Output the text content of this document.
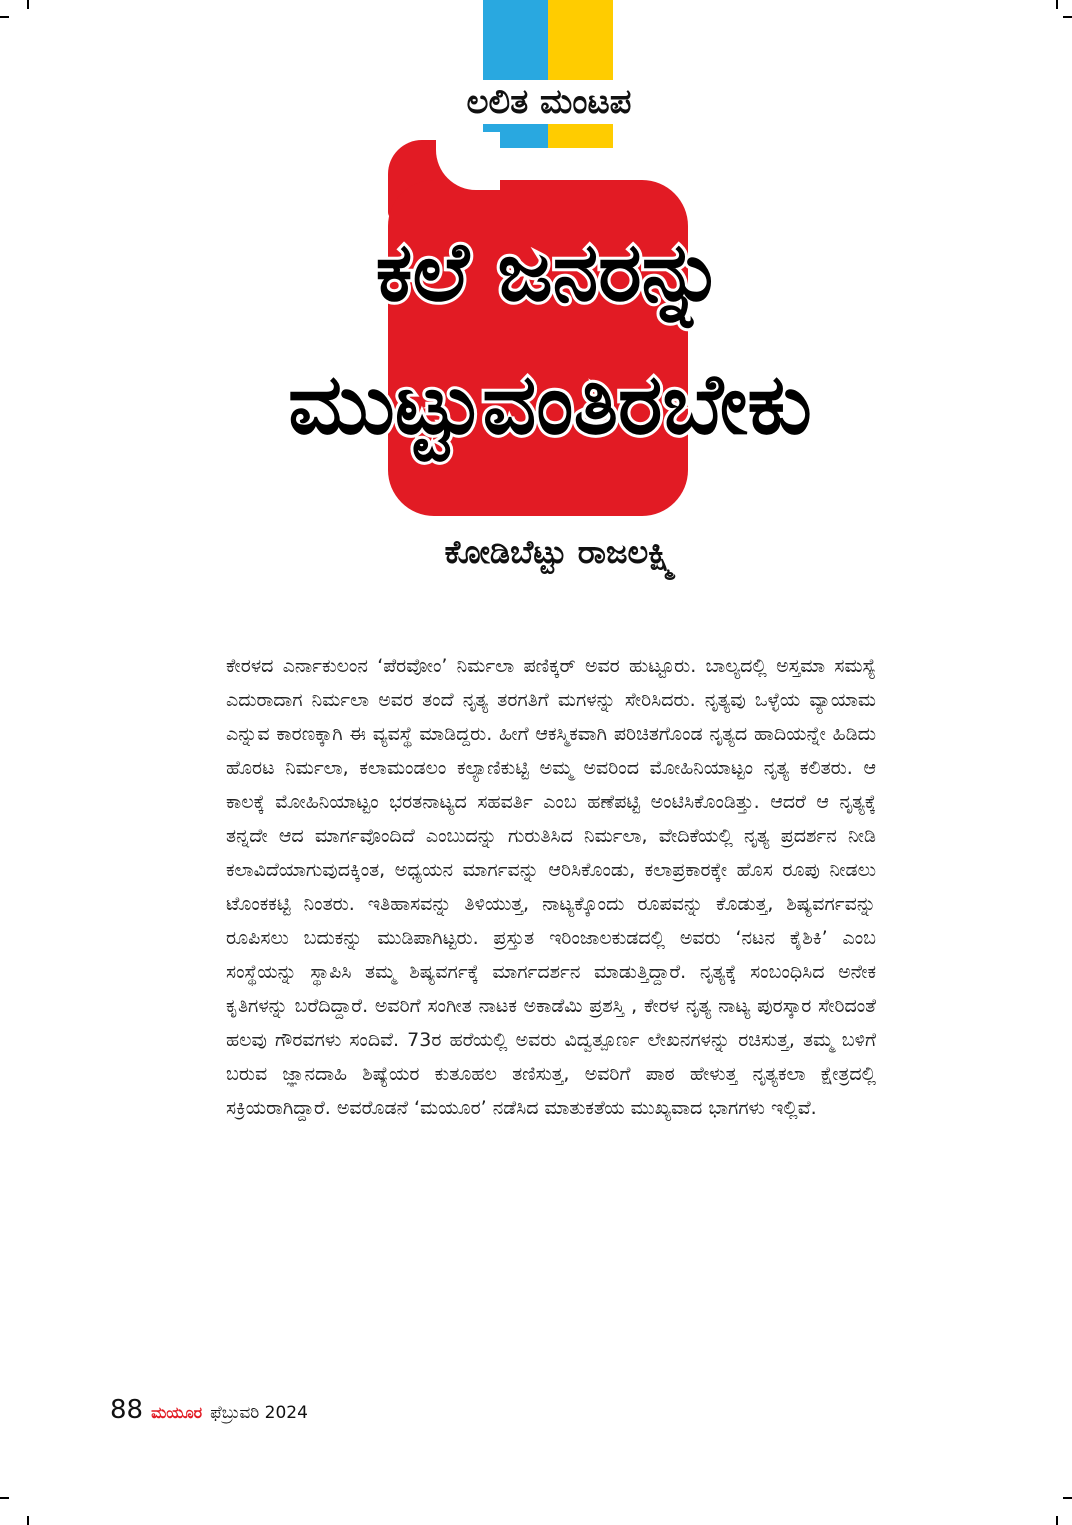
ಲಲಿತ ಮಂಟಪ
ಕಲೆ ಜನರನ್ನು
ಮುಟ್ಟುವಂತಿರಬೇಕು
ಕೋಡಿಬೆಟ್ಟು ರಾಜಲಕ್ಷ್ಮಿ

ಕೇರಳದ ಎರ್ನಾಕುಲಂನ ‘ಪೆರವೋಂ’ ನಿರ್ಮಲಾ ಪಣಿಕ್ಕರ್ ಅವರ ಹುಟ್ಟೂರು. ಬಾಲ್ಯದಲ್ಲಿ ಅಸ್ತಮಾ ಸಮಸ್ಯೆ ಎದುರಾದಾಗ ನಿರ್ಮಲಾ ಅವರ ತಂದೆ ನೃತ್ಯ ತರಗತಿಗೆ ಮಗಳನ್ನು ಸೇರಿಸಿದರು. ನೃತ್ಯವು ಒಳ್ಳೆಯ ವ್ಯಾಯಾಮ ಎನ್ನುವ ಕಾರಣಕ್ಕಾಗಿ ಈ ವ್ಯವಸ್ಥೆ ಮಾಡಿದ್ದರು. ಹೀಗೆ ಆಕಸ್ಮಿಕವಾಗಿ ಪರಿಚಿತಗೊಂಡ ನೃತ್ಯದ ಹಾದಿಯನ್ನೇ ಹಿಡಿದು ಹೊರಟ ನಿರ್ಮಲಾ, ಕಲಾಮಂಡಲಂ ಕಲ್ಯಾಣಿಕುಟ್ಟಿ ಅಮ್ಮ ಅವರಿಂದ ಮೋಹಿನಿಯಾಟ್ಟಂ ನೃತ್ಯ ಕಲಿತರು. ಆ ಕಾಲಕ್ಕೆ ಮೋಹಿನಿಯಾಟ್ಟಂ ಭರತನಾಟ್ಯದ ಸಹವರ್ತಿ ಎಂಬ ಹಣೆಪಟ್ಟಿ ಅಂಟಿಸಿಕೊಂಡಿತ್ತು. ಆದರೆ ಆ ನೃತ್ಯಕ್ಕೆ ತನ್ನದೇ ಆದ ಮಾರ್ಗವೊಂದಿದೆ ಎಂಬುದನ್ನು ಗುರುತಿಸಿದ ನಿರ್ಮಲಾ, ವೇದಿಕೆಯಲ್ಲಿ ನೃತ್ಯ ಪ್ರದರ್ಶನ ನೀಡಿ ಕಲಾವಿದೆಯಾಗುವುದಕ್ಕಿಂತ, ಅಧ್ಯಯನ ಮಾರ್ಗವನ್ನು ಆರಿಸಿಕೊಂಡು, ಕಲಾಪ್ರಕಾರಕ್ಕೇ ಹೊಸ ರೂಪು ನೀಡಲು ಟೊಂಕಕಟ್ಟಿ ನಿಂತರು. ಇತಿಹಾಸವನ್ನು ತಿಳಿಯುತ್ತ, ನಾಟ್ಯಕ್ಕೊಂದು ರೂಪವನ್ನು ಕೊಡುತ್ತ, ಶಿಷ್ಯವರ್ಗವನ್ನು ರೂಪಿಸಲು ಬದುಕನ್ನು ಮುಡಿಪಾಗಿಟ್ಟರು. ಪ್ರಸ್ತುತ ಇರಿಂಜಾಲಕುಡದಲ್ಲಿ ಅವರು ‘ನಟನ ಕೈಶಿಕಿ’ ಎಂಬ ಸಂಸ್ಥೆಯನ್ನು ಸ್ಥಾಪಿಸಿ ತಮ್ಮ ಶಿಷ್ಯವರ್ಗಕ್ಕೆ ಮಾರ್ಗದರ್ಶನ ಮಾಡುತ್ತಿದ್ದಾರೆ. ನೃತ್ಯಕ್ಕೆ ಸಂಬಂಧಿಸಿದ ಅನೇಕ ಕೃತಿಗಳನ್ನು ಬರೆದಿದ್ದಾರೆ. ಅವರಿಗೆ ಸಂಗೀತ ನಾಟಕ ಅಕಾಡೆಮಿ ಪ್ರಶಸ್ತಿ , ಕೇರಳ ನೃತ್ಯ ನಾಟ್ಯ ಪುರಸ್ಕಾರ ಸೇರಿದಂತೆ ಹಲವು ಗೌರವಗಳು ಸಂದಿವೆ. 73ರ ಹರೆಯಲ್ಲಿ ಅವರು ವಿದ್ವತ್ಪೂರ್ಣ ಲೇಖನಗಳನ್ನು ರಚಿಸುತ್ತ, ತಮ್ಮ ಬಳಿಗೆ ಬರುವ ಜ್ಞಾನದಾಹಿ ಶಿಷ್ಯೆಯರ ಕುತೂಹಲ ತಣಿಸುತ್ತ, ಅವರಿಗೆ ಪಾಠ ಹೇಳುತ್ತ ನೃತ್ಯಕಲಾ ಕ್ಷೇತ್ರದಲ್ಲಿ ಸಕ್ರಿಯರಾಗಿದ್ದಾರೆ. ಅವರೊಡನೆ ‘ಮಯೂರ’ ನಡೆಸಿದ ಮಾತುಕತೆಯ ಮುಖ್ಯವಾದ ಭಾಗಗಳು ಇಲ್ಲಿವೆ.

88 ಮಯೂರ ಫೆಬ್ರುವರಿ 2024
